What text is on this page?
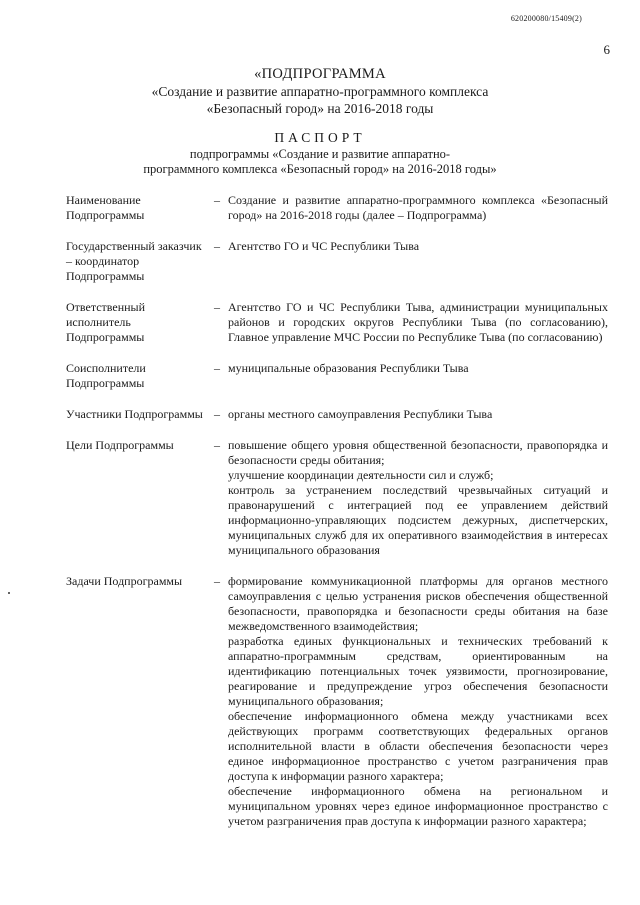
620200080/15409(2)
6
«ПОДПРОГРАММА
«Создание и развитие аппаратно-программного комплекса
«Безопасный город» на 2016-2018 годы
ПАСПОРТ
подпрограммы «Создание и развитие аппаратно-
программного комплекса «Безопасный город» на 2016-2018 годы»
Наименование Подпрограммы
– Создание и развитие аппаратно-программного комплекса «Безопасный город» на 2016-2018 годы (далее – Подпрограмма)

Государственный заказчик – координатор Подпрограммы
– Агентство ГО и ЧС Республики Тыва

Ответственный исполнитель Подпрограммы
– Агентство ГО и ЧС Республики Тыва, администрации муниципальных районов и городских округов Республики Тыва (по согласованию), Главное управление МЧС России по Республике Тыва (по согласованию)

Соисполнители Подпрограммы
– муниципальные образования Республики Тыва

Участники Подпрограммы – органы местного самоуправления Республики Тыва

Цели Подпрограммы	– повышение общего уровня общественной безопасности, правопорядка и безопасности среды обитания;

улучшение координации деятельности сил и служб;

контроль за устранением последствий чрезвычайных ситуаций и правонарушений с интеграцией под ее управлением действий информационно-управляющих подсистем дежурных, диспетчерских, муниципальных служб для их оперативного взаимодействия в интересах муниципального образования

Задачи Подпрограммы	– формирование коммуникационной платформы для органов местного самоуправления с целью устранения рисков обеспечения общественной безопасности, правопорядка и безопасности среды обитания на базе межведомственного взаимодействия;

разработка единых функциональных и технических требований к аппаратно-программным средствам, ориентированным на идентификацию потенциальных точек уязвимости, прогнозирование, реагирование и предупреждение угроз обеспечения безопасности муниципального образования;

обеспечение информационного обмена между участниками всех действующих программ соответствующих федеральных органов исполнительной власти в области обеспечения безопасности через единое информационное пространство с учетом разграничения прав доступа к информации разного характера;

обеспечение информационного обмена на региональном и муниципальном уровнях через единое информационное пространство с учетом разграничения прав доступа к информации разного характера;
